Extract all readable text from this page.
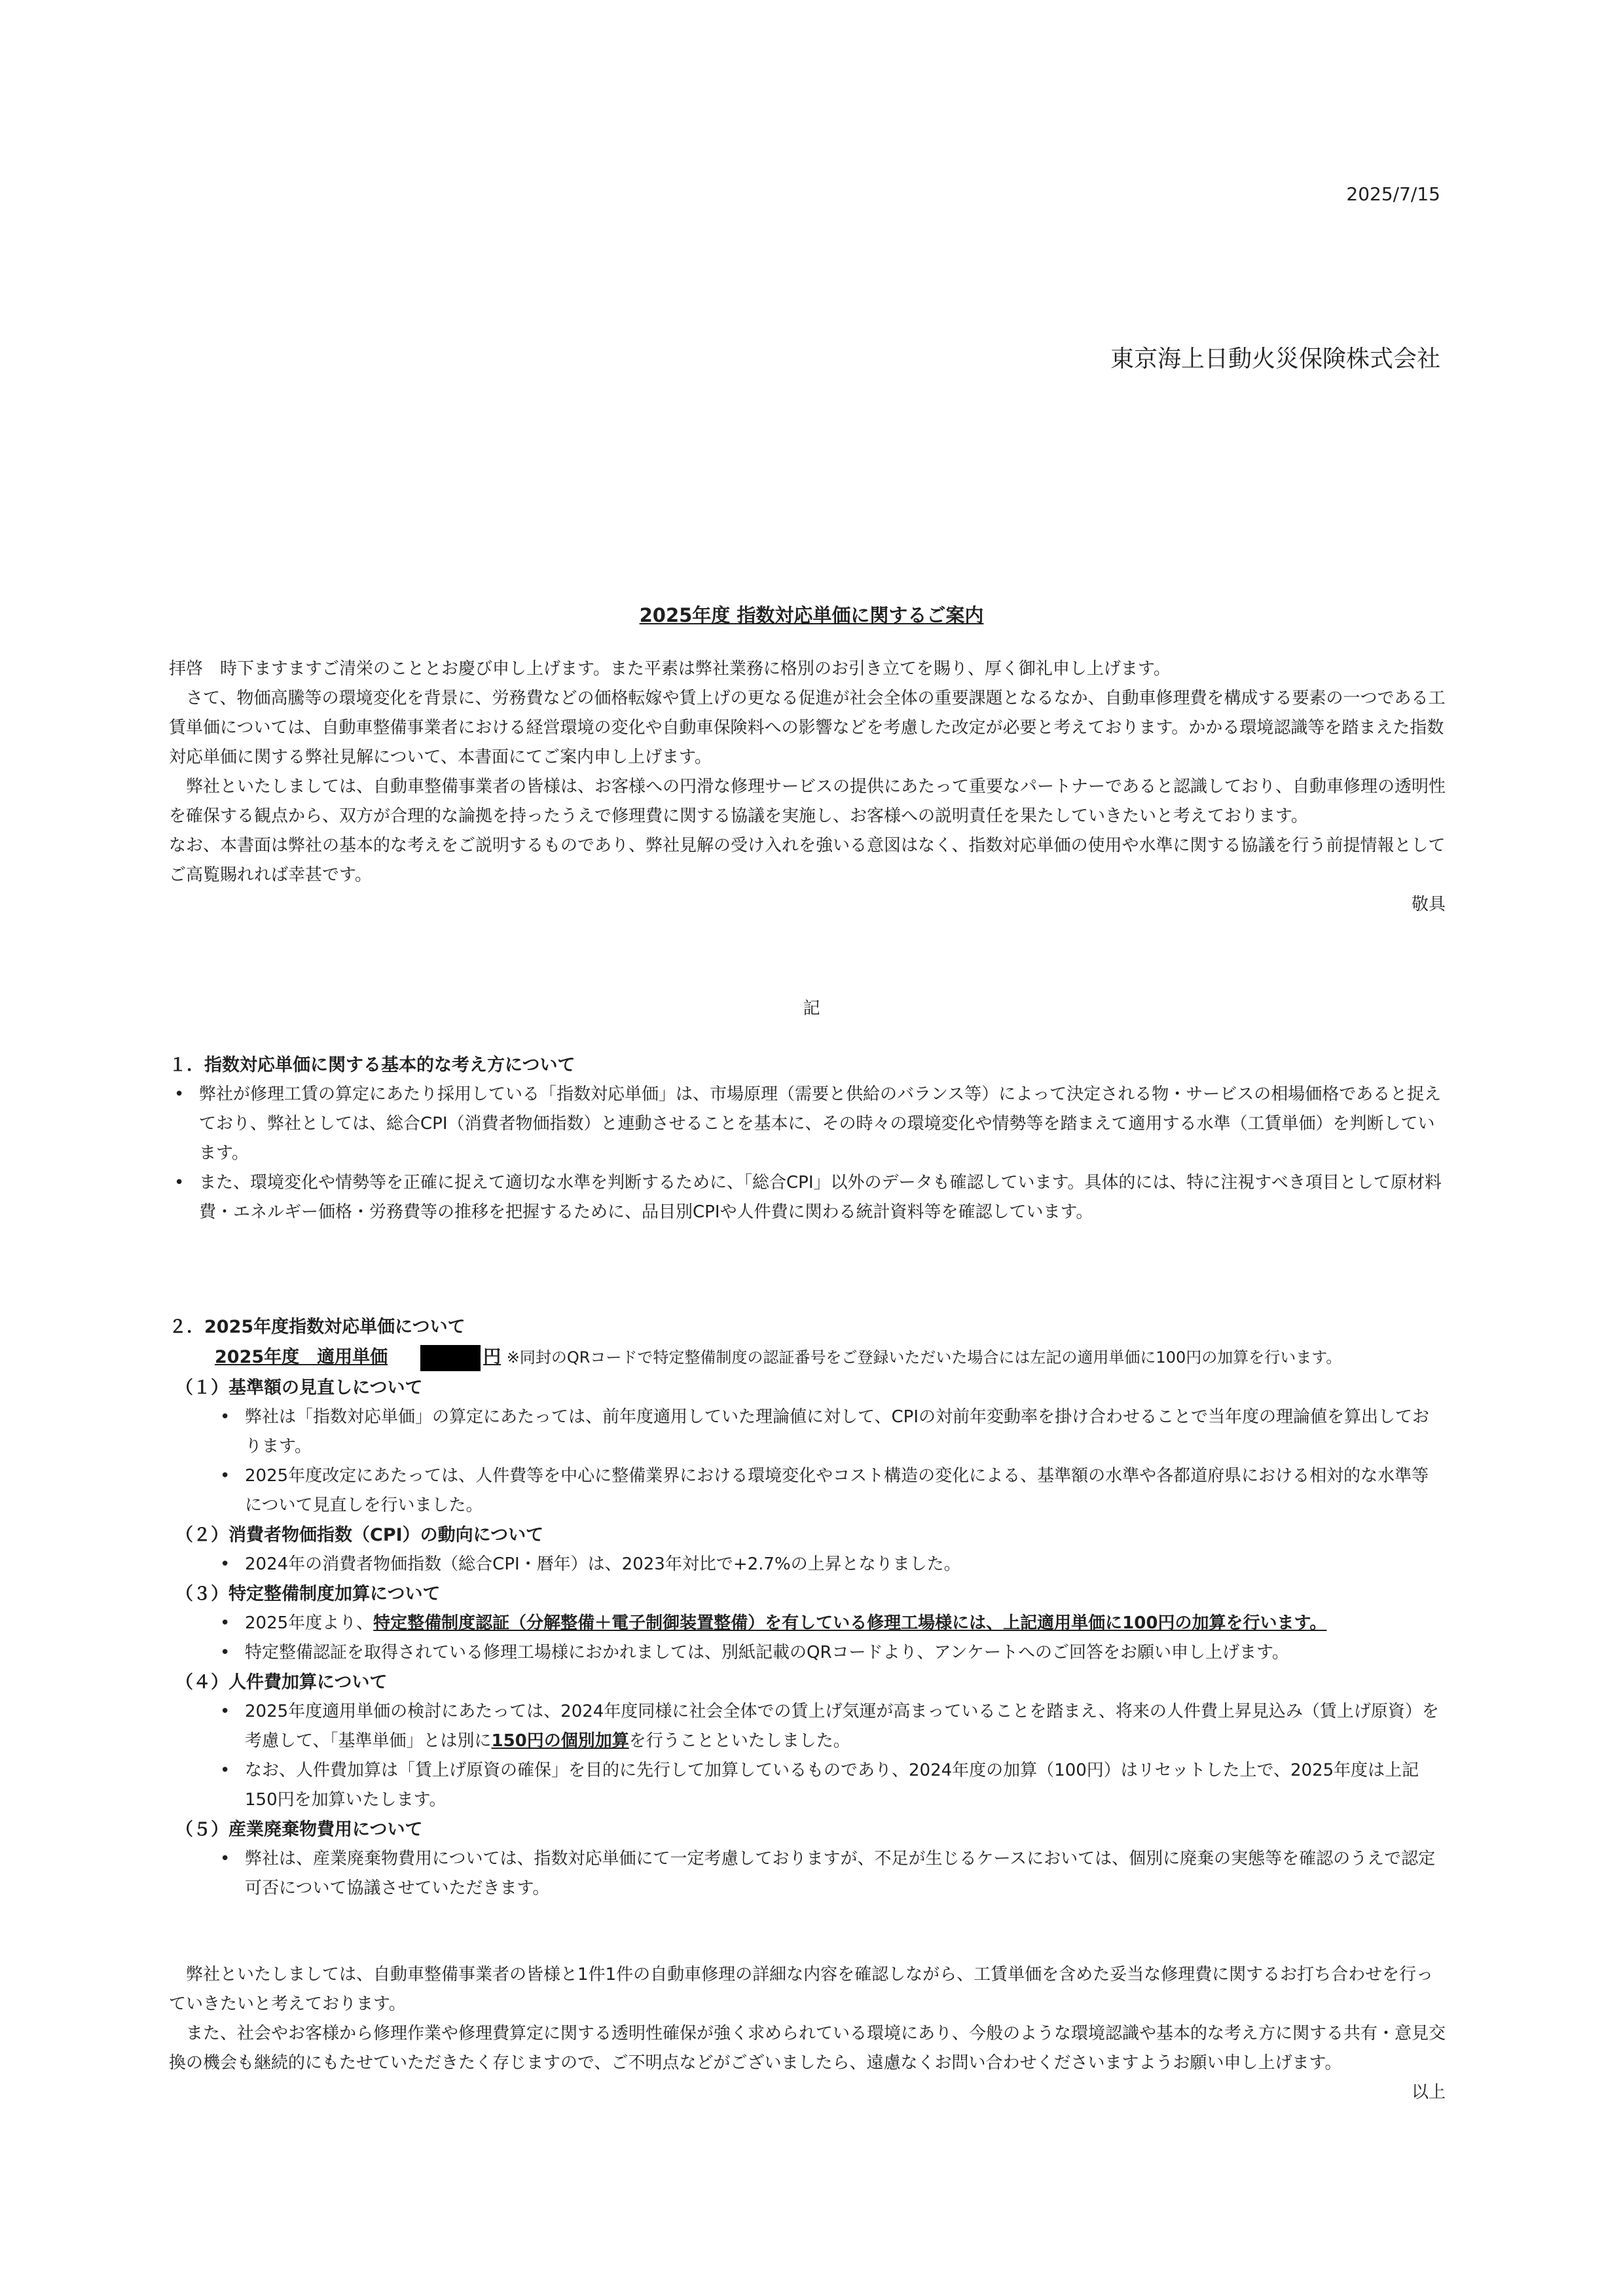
2025/7/15
東京海上日動火災保険株式会社
2025年度 指数対応単価に関するご案内

拝啓　時下ますますご清栄のこととお慶び申し上げます。また平素は弊社業務に格別のお引き立てを賜り、厚く御礼申し上げます。

さて、物価高騰等の環境変化を背景に、労務費などの価格転嫁や賃上げの更なる促進が社会全体の重要課題となるなか、自動車修理費を構成する要素の一つである工賃単価については、自動車整備事業者における経営環境の変化や自動車保険料への影響などを考慮した改定が必要と考えております。かかる環境認識等を踏まえた指数対応単価に関する弊社見解について、本書面にてご案内申し上げます。

弊社といたしましては、自動車整備事業者の皆様は、お客様への円滑な修理サービスの提供にあたって重要なパートナーであると認識しており、自動車修理の透明性を確保する観点から、双方が合理的な論拠を持ったうえで修理費に関する協議を実施し、お客様への説明責任を果たしていきたいと考えております。

なお、本書面は弊社の基本的な考えをご説明するものであり、弊社見解の受け入れを強いる意図はなく、指数対応単価の使用や水準に関する協議を行う前提情報としてご高覧賜れれば幸甚です。

敬具

記
１．指数対応単価に関する基本的な考え方について
• 弊社が修理工賃の算定にあたり採用している「指数対応単価」は、市場原理（需要と供給のバランス等）によって決定される物・サービスの相場価格であると捉えており、弊社としては、総合CPI（消費者物価指数）と連動させることを基本に、その時々の環境変化や情勢等を踏まえて適用する水準（工賃単価）を判断しています。
• また、環境変化や情勢等を正確に捉えて適切な水準を判断するために、「総合CPI」以外のデータも確認しています。具体的には、特に注視すべき項目として原材料費・エネルギー価格・労務費等の推移を把握するために、品目別CPIや人件費に関わる統計資料等を確認しています。
２．2025年度指数対応単価について
2025年度　適用単価	円 ※同封のQRコードで特定整備制度の認証番号をご登録いただいた場合には左記の適用単価に100円の加算を行います。
（１）基準額の見直しについて
• 弊社は「指数対応単価」の算定にあたっては、前年度適用していた理論値に対して、CPIの対前年変動率を掛け合わせることで当年度の理論値を算出しております。
• 2025年度改定にあたっては、人件費等を中心に整備業界における環境変化やコスト構造の変化による、基準額の水準や各都道府県における相対的な水準等について見直しを行いました。
（２）消費者物価指数（CPI）の動向について
• 2024年の消費者物価指数（総合CPI・暦年）は、2023年対比で+2.7%の上昇となりました。
（３）特定整備制度加算について
• 2025年度より、特定整備制度認証（分解整備＋電子制御装置整備）を有している修理工場様には、上記適用単価に100円の加算を行います。
• 特定整備認証を取得されている修理工場様におかれましては、別紙記載のQRコードより、アンケートへのご回答をお願い申し上げます。
（４）人件費加算について
• 2025年度適用単価の検討にあたっては、2024年度同様に社会全体での賃上げ気運が高まっていることを踏まえ、将来の人件費上昇見込み（賃上げ原資）を考慮して、「基準単価」とは別に150円の個別加算を行うことといたしました。
• なお、人件費加算は「賃上げ原資の確保」を目的に先行して加算しているものであり、2024年度の加算（100円）はリセットした上で、2025年度は上記150円を加算いたします。
（５）産業廃棄物費用について
• 弊社は、産業廃棄物費用については、指数対応単価にて一定考慮しておりますが、不足が生じるケースにおいては、個別に廃棄の実態等を確認のうえで認定可否について協議させていただきます。

弊社といたしましては、自動車整備事業者の皆様と1件1件の自動車修理の詳細な内容を確認しながら、工賃単価を含めた妥当な修理費に関するお打ち合わせを行っていきたいと考えております。

また、社会やお客様から修理作業や修理費算定に関する透明性確保が強く求められている環境にあり、今般のような環境認識や基本的な考え方に関する共有・意見交換の機会も継続的にもたせていただきたく存じますので、ご不明点などがございましたら、遠慮なくお問い合わせくださいますようお願い申し上げます。

以上
